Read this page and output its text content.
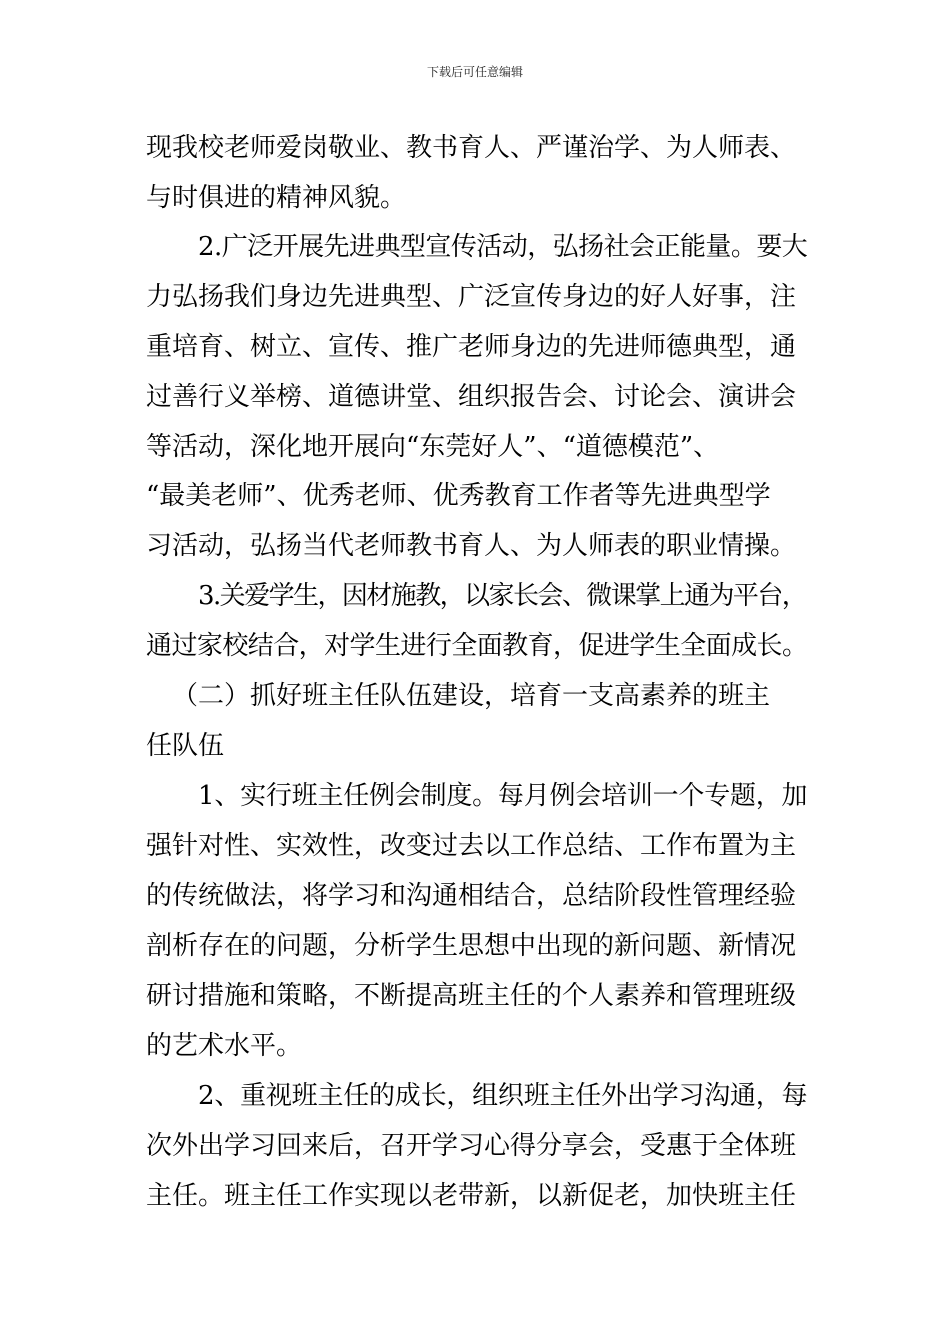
下载后可任意编辑
现我校老师爱岗敬业、教书育人、严谨治学、为人师表、
与时俱进的精神风貌。
2.广泛开展先进典型宣传活动，弘扬社会正能量。要大
力弘扬我们身边先进典型、广泛宣传身边的好人好事，注
重培育、树立、宣传、推广老师身边的先进师德典型，通
过善行义举榜、道德讲堂、组织报告会、讨论会、演讲会
等活动，深化地开展向“东莞好人”、“道德模范”、
“最美老师”、优秀老师、优秀教育工作者等先进典型学
习活动，弘扬当代老师教书育人、为人师表的职业情操。
3.关爱学生，因材施教，以家长会、微课掌上通为平台，
通过家校结合，对学生进行全面教育，促进学生全面成长。
（二）抓好班主任队伍建设，培育一支高素养的班主
任队伍
1、实行班主任例会制度。每月例会培训一个专题，加
强针对性、实效性，改变过去以工作总结、工作布置为主
的传统做法，将学习和沟通相结合，总结阶段性管理经验
剖析存在的问题，分析学生思想中出现的新问题、新情况
研讨措施和策略，不断提高班主任的个人素养和管理班级
的艺术水平。
2、重视班主任的成长，组织班主任外出学习沟通，每
次外出学习回来后，召开学习心得分享会，受惠于全体班
主任。班主任工作实现以老带新，以新促老，加快班主任
